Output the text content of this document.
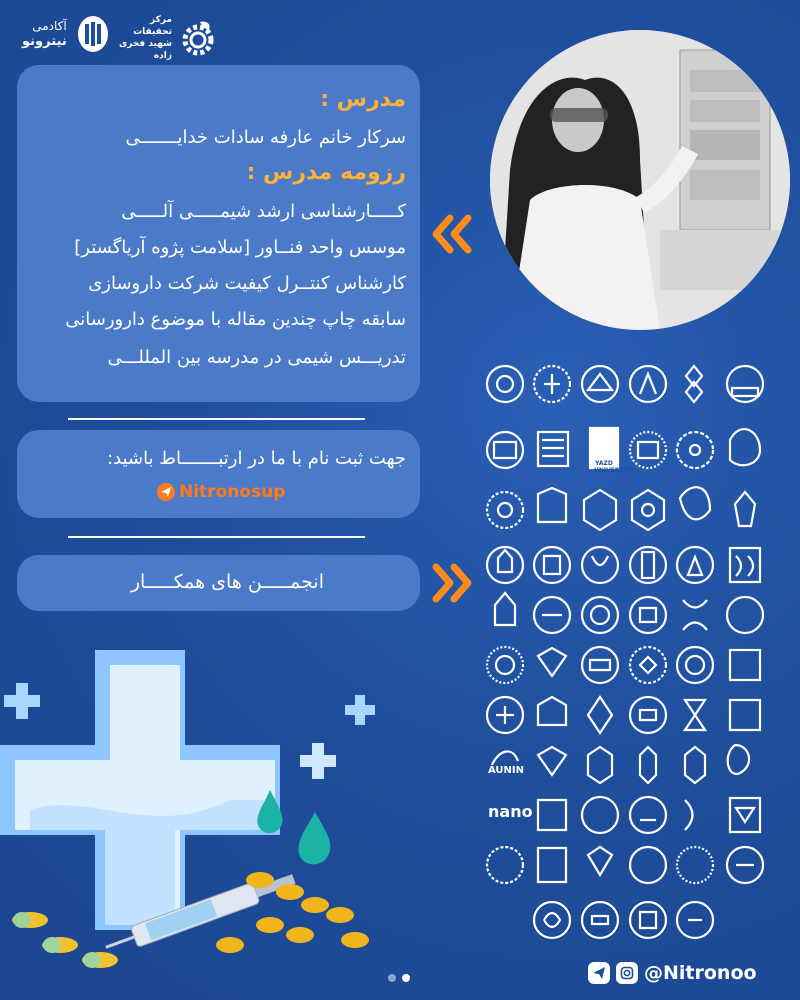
آکادمی
نیترونو
مرکز تحقیقات
شهید فخری زاده
مدرس :
سرکار خانم عارفه سادات خدایـــــــی
رزومه مدرس :
کـــــارشناسی ارشد شیمـــــی آلـــــی
موسس واحد فنــاور [سلامت پژوه آریاگستر]
کارشناس کنتــرل کیفیت شرکت داروسازی
سابقه چاپ چندین مقاله با موضوع دارورسانی
تدریـــس شیمی در مدرسه بین المللـــی
جهت ثبت نام با ما در ارتبـــــــاط باشید:
Nitronosup
انجمـــــن های همکـــــار
AUNIN
YAZD UNIVERSITY
nano
@Nitronoo
